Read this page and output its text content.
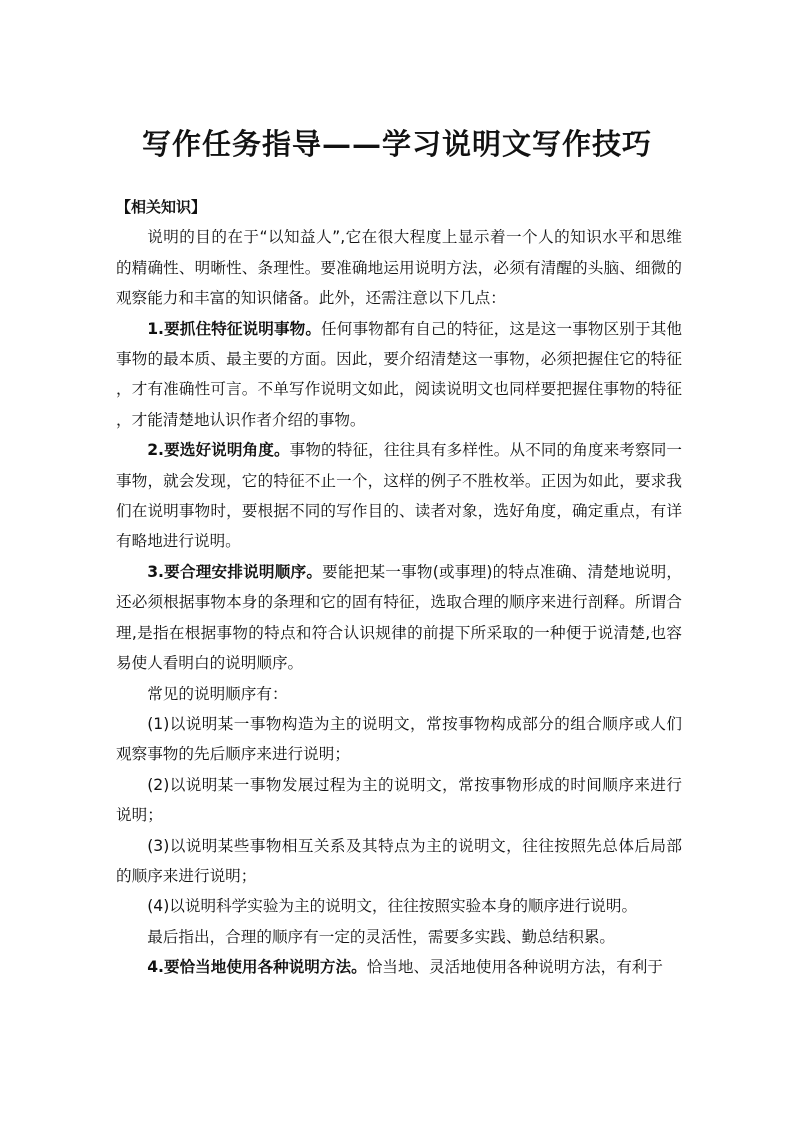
写作任务指导——学习说明文写作技巧
【相关知识】

说明的目的在于“以知益人”,它在很大程度上显示着一个人的知识水平和思维的精确性、明晰性、条理性。要准确地运用说明方法，必须有清醒的头脑、细微的观察能力和丰富的知识储备。此外，还需注意以下几点：

1.要抓住特征说明事物。任何事物都有自己的特征，这是这一事物区别于其他事物的最本质、最主要的方面。因此，要介绍清楚这一事物，必须把握住它的特征，才有准确性可言。不单写作说明文如此，阅读说明文也同样要把握住事物的特征，才能清楚地认识作者介绍的事物。

2.要选好说明角度。事物的特征，往往具有多样性。从不同的角度来考察同一事物，就会发现，它的特征不止一个，这样的例子不胜枚举。正因为如此，要求我们在说明事物时，要根据不同的写作目的、读者对象，选好角度，确定重点，有详有略地进行说明。

3.要合理安排说明顺序。要能把某一事物(或事理)的特点准确、清楚地说明，还必须根据事物本身的条理和它的固有特征，选取合理的顺序来进行剖释。所谓合理,是指在根据事物的特点和符合认识规律的前提下所采取的一种便于说清楚,也容易使人看明白的说明顺序。

常见的说明顺序有：

(1)以说明某一事物构造为主的说明文，常按事物构成部分的组合顺序或人们观察事物的先后顺序来进行说明；

(2)以说明某一事物发展过程为主的说明文，常按事物形成的时间顺序来进行说明；

(3)以说明某些事物相互关系及其特点为主的说明文，往往按照先总体后局部的顺序来进行说明；

(4)以说明科学实验为主的说明文，往往按照实验本身的顺序进行说明。

最后指出，合理的顺序有一定的灵活性，需要多实践、勤总结积累。

4.要恰当地使用各种说明方法。恰当地、灵活地使用各种说明方法，有利于
